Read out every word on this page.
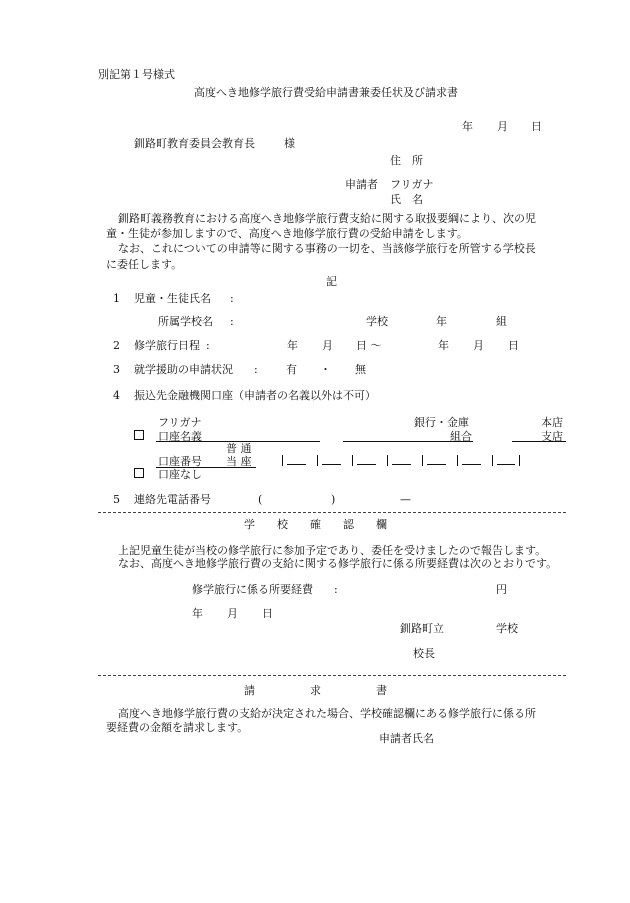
別記第１号様式
高度へき地修学旅行費受給申請書兼委任状及び請求書
年 月 日
釧路町教育委員会教育長	様
住　所
申請者 フリガナ
氏　名
釧路町義務教育における高度へき地修学旅行費支給に関する取扱要綱により、次の児
童・生徒が参加しますので、高度へき地修学旅行費の受給申請をします。
なお、これについての申請等に関する事務の一切を、当該修学旅行を所管する学校長
に委任します。
記
1 児童・生徒氏名 :
所属学校名 :	学校	年	組
2 修学旅行日程 :	年 月 日 〜	年 月 日
3 就学援助の申請状況 :	有 ・ 無
4 振込先金融機関口座（申請者の名義以外は不可）
フリガナ	銀行・金庫	本店
口座名義	組合	支店
普 通
口座番号 当 座
口座なし
5 連絡先電話番号	(	)	—
学　　校　　確　　認　　欄
上記児童生徒が当校の修学旅行に参加予定であり、委任を受けましたので報告します。
なお、高度へき地修学旅行費の支給に関する修学旅行に係る所要経費は次のとおりです。
修学旅行に係る所要経費 :	円
年 月 日
釧路町立	学校
校長
請　　　　　求　　　　　書
高度へき地修学旅行費の支給が決定された場合、学校確認欄にある修学旅行に係る所
要経費の金額を請求します。
申請者氏名
